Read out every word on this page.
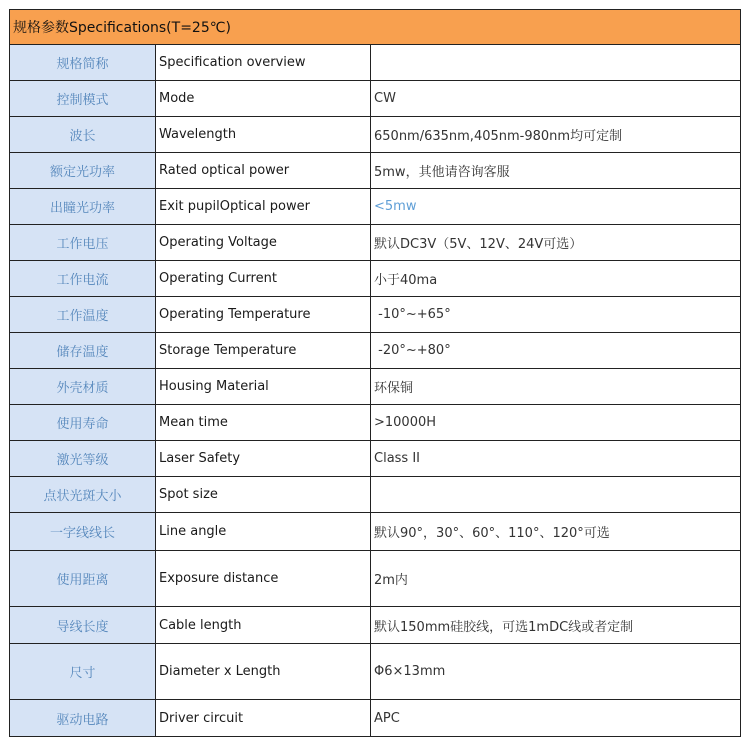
规格参数Specifications(T=25℃)		
规格简称	Specification overview	
控制模式	Mode	CW
波长	Wavelength	650nm/635nm,405nm-980nm均可定制
额定光功率	Rated optical power	5mw，其他请咨询客服
出瞳光功率	Exit pupilOptical power	<5mw
工作电压	Operating Voltage	默认DC3V（5V、12V、24V可选）
工作电流	Operating Current	小于40ma
工作温度	Operating Temperature	-10°~+65°
储存温度	Storage Temperature	-20°~+80°
外壳材质	Housing Material	环保铜
使用寿命	Mean time	>10000H
激光等级	Laser Safety	Class II
点状光斑大小	Spot size	
一字线线长	Line angle	默认90°，30°、60°、110°、120°可选
使用距离	Exposure distance	2m内
导线长度	Cable length	默认150mm硅胶线，可选1mDC线或者定制
尺寸	Diameter x Length	Φ6×13mm
驱动电路	Driver circuit	APC
